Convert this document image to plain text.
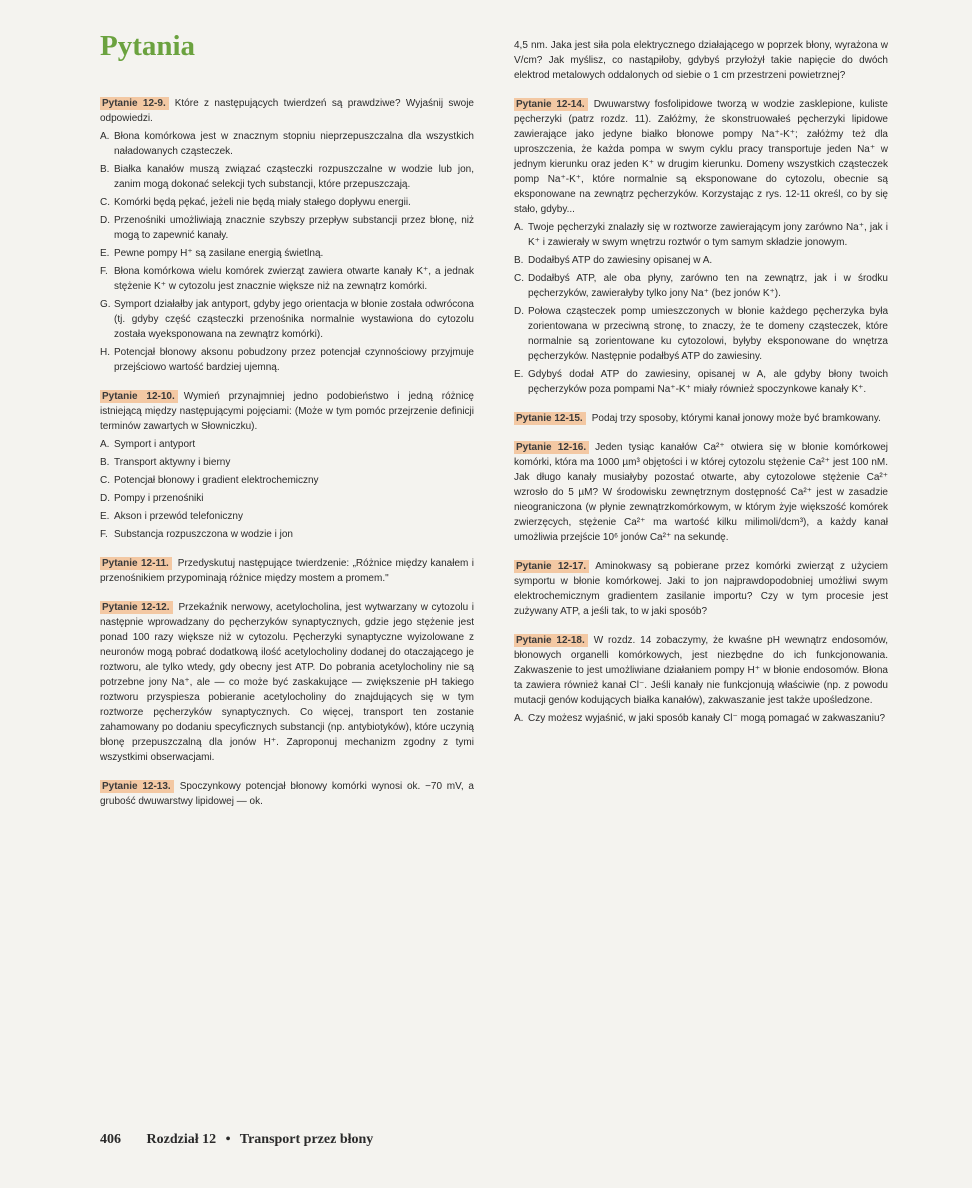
Pytania

Pytanie 12-9. Które z następujących twierdzeń są prawdziwe? Wyjaśnij swoje odpowiedzi.

A. Błona komórkowa jest w znacznym stopniu nieprzepuszczalna dla wszystkich naładowanych cząsteczek.
B. Białka kanałów muszą związać cząsteczki rozpuszczalne w wodzie lub jon, zanim mogą dokonać selekcji tych substancji, które przepuszczają.
C. Komórki będą pękać, jeżeli nie będą miały stałego dopływu energii.
D. Przenośniki umożliwiają znacznie szybszy przepływ substancji przez błonę, niż mogą to zapewnić kanały.
E. Pewne pompy H⁺ są zasilane energią świetlną.
F. Błona komórkowa wielu komórek zwierząt zawiera otwarte kanały K⁺, a jednak stężenie K⁺ w cytozolu jest znacznie większe niż na zewnątrz komórki.
G. Symport działałby jak antyport, gdyby jego orientacja w błonie została odwrócona (tj. gdyby część cząsteczki przenośnika normalnie wystawiona do cytozolu została wyeksponowana na zewnątrz komórki).
H. Potencjał błonowy aksonu pobudzony przez potencjał czynnościowy przyjmuje przejściowo wartość bardziej ujemną.

Pytanie 12-10. Wymień przynajmniej jedno podobieństwo i jedną różnicę istniejącą między następującymi pojęciami: (Może w tym pomóc przejrzenie definicji terminów zawartych w Słowniczku).

A. Symport i antyport
B. Transport aktywny i bierny
C. Potencjał błonowy i gradient elektrochemiczny
D. Pompy i przenośniki
E. Akson i przewód telefoniczny
F. Substancja rozpuszczona w wodzie i jon

Pytanie 12-11. Przedyskutuj następujące twierdzenie: „Różnice między kanałem i przenośnikiem przypominają różnice między mostem a promem."

Pytanie 12-12. Przekaźnik nerwowy, acetylocholina, jest wytwarzany w cytozolu i następnie wprowadzany do pęcherzyków synaptycznych, gdzie jego stężenie jest ponad 100 razy większe niż w cytozolu. Pęcherzyki synaptyczne wyizolowane z neuronów mogą pobrać dodatkową ilość acetylocholiny dodanej do otaczającego je roztworu, ale tylko wtedy, gdy obecny jest ATP. Do pobrania acetylocholiny nie są potrzebne jony Na⁺, ale — co może być zaskakujące — zwiększenie pH takiego roztworu przyspiesza pobieranie acetylocholiny do znajdujących się w tym roztworze pęcherzyków synaptycznych. Co więcej, transport ten zostanie zahamowany po dodaniu specyficznych substancji (np. antybiotyków), które uczynią błonę przepuszczalną dla jonów H⁺. Zaproponuj mechanizm zgodny z tymi wszystkimi obserwacjami.

Pytanie 12-13. Spoczynkowy potencjał błonowy komórki wynosi ok. −70 mV, a grubość dwuwarstwy lipidowej — ok.

4,5 nm. Jaka jest siła pola elektrycznego działającego w poprzek błony, wyrażona w V/cm? Jak myślisz, co nastąpiłoby, gdybyś przyłożył takie napięcie do dwóch elektrod metalowych oddalonych od siebie o 1 cm przestrzeni powietrznej?

Pytanie 12-14. Dwuwarstwy fosfolipidowe tworzą w wodzie zasklepione, kuliste pęcherzyki (patrz rozdz. 11). Załóżmy, że skonstruowałeś pęcherzyki lipidowe zawierające jako jedyne białko błonowe pompy Na⁺-K⁺; załóżmy też dla uproszczenia, że każda pompa w swym cyklu pracy transportuje jeden Na⁺ w jednym kierunku oraz jeden K⁺ w drugim kierunku. Domeny wszystkich cząsteczek pomp Na⁺-K⁺, które normalnie są eksponowane do cytozolu, obecnie są eksponowane na zewnątrz pęcherzyków. Korzystając z rys. 12-11 określ, co by się stało, gdyby...

A. Twoje pęcherzyki znalazły się w roztworze zawierającym jony zarówno Na⁺, jak i K⁺ i zawierały w swym wnętrzu roztwór o tym samym składzie jonowym.
B. Dodałbyś ATP do zawiesiny opisanej w A.
C. Dodałbyś ATP, ale oba płyny, zarówno ten na zewnątrz, jak i w środku pęcherzyków, zawierałyby tylko jony Na⁺ (bez jonów K⁺).
D. Połowa cząsteczek pomp umieszczonych w błonie każdego pęcherzyka była zorientowana w przeciwną stronę, to znaczy, że te domeny cząsteczek, które normalnie są zorientowane ku cytozolowi, byłyby eksponowane do wnętrza pęcherzyków. Następnie podałbyś ATP do zawiesiny.
E. Gdybyś dodał ATP do zawiesiny, opisanej w A, ale gdyby błony twoich pęcherzyków poza pompami Na⁺-K⁺ miały również spoczynkowe kanały K⁺.

Pytanie 12-15. Podaj trzy sposoby, którymi kanał jonowy może być bramkowany.

Pytanie 12-16. Jeden tysiąc kanałów Ca²⁺ otwiera się w błonie komórkowej komórki, która ma 1000 µm³ objętości i w której cytozolu stężenie Ca²⁺ jest 100 nM. Jak długo kanały musiałyby pozostać otwarte, aby cytozolowe stężenie Ca²⁺ wzrosło do 5 µM? W środowisku zewnętrznym dostępność Ca²⁺ jest w zasadzie nieograniczona (w płynie zewnątrzkomórkowym, w którym żyje większość komórek zwierzęcych, stężenie Ca²⁺ ma wartość kilku milimoli/dcm³), a każdy kanał umożliwia przejście 10⁶ jonów Ca²⁺ na sekundę.

Pytanie 12-17. Aminokwasy są pobierane przez komórki zwierząt z użyciem symportu w błonie komórkowej. Jaki to jon najprawdopodobniej umożliwi swym elektrochemicznym gradientem zasilanie importu? Czy w tym procesie jest zużywany ATP, a jeśli tak, to w jaki sposób?

Pytanie 12-18. W rozdz. 14 zobaczymy, że kwaśne pH wewnątrz endosomów, błonowych organelli komórkowych, jest niezbędne do ich funkcjonowania. Zakwaszenie to jest umożliwiane działaniem pompy H⁺ w błonie endosomów. Błona ta zawiera również kanał Cl⁻. Jeśli kanały nie funkcjonują właściwie (np. z powodu mutacji genów kodujących białka kanałów), zakwaszanie jest także upośledzone.

A. Czy możesz wyjaśnić, w jaki sposób kanały Cl⁻ mogą pomagać w zakwaszaniu?
406 Rozdział 12 • Transport przez błony
